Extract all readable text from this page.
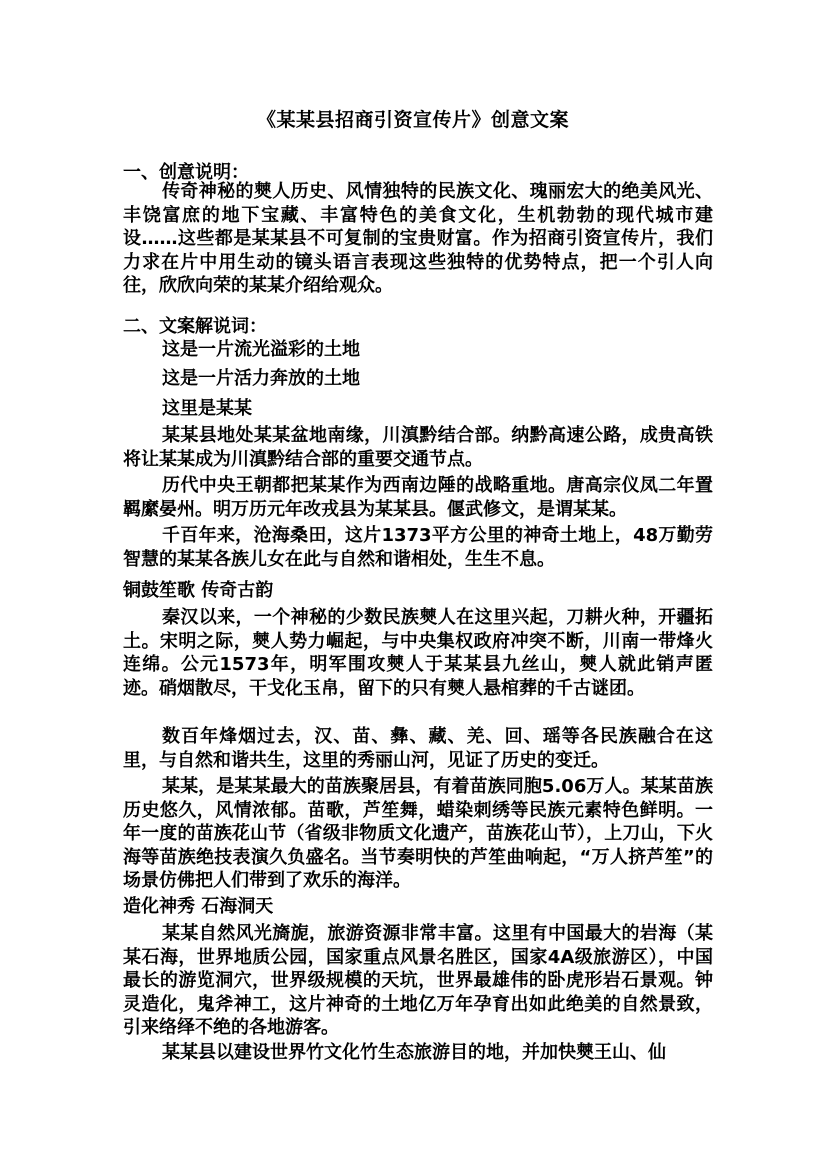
《某某县招商引资宣传片》创意文案
一、创意说明：
传奇神秘的僰人历史、风情独特的民族文化、瑰丽宏大的绝美风光、丰饶富庶的地下宝藏、丰富特色的美食文化，生机勃勃的现代城市建设……这些都是某某县不可复制的宝贵财富。作为招商引资宣传片，我们力求在片中用生动的镜头语言表现这些独特的优势特点，把一个引人向往，欣欣向荣的某某介绍给观众。
二、文案解说词：
这是一片流光溢彩的土地
这是一片活力奔放的土地
这里是某某
某某县地处某某盆地南缘，川滇黔结合部。纳黔高速公路，成贵高铁将让某某成为川滇黔结合部的重要交通节点。
历代中央王朝都把某某作为西南边陲的战略重地。唐高宗仪凤二年置羁縻晏州。明万历元年改戎县为某某县。偃武修文，是谓某某。
千百年来，沧海桑田，这片1373平方公里的神奇土地上，48万勤劳智慧的某某各族儿女在此与自然和谐相处，生生不息。
铜鼓笙歌 传奇古韵
秦汉以来，一个神秘的少数民族僰人在这里兴起，刀耕火种，开疆拓土。宋明之际，僰人势力崛起，与中央集权政府冲突不断，川南一带烽火连绵。公元1573年，明军围攻僰人于某某县九丝山，僰人就此销声匿迹。硝烟散尽，干戈化玉帛，留下的只有僰人悬棺葬的千古谜团。
数百年烽烟过去，汉、苗、彝、藏、羌、回、瑶等各民族融合在这里，与自然和谐共生，这里的秀丽山河，见证了历史的变迁。
某某，是某某最大的苗族聚居县，有着苗族同胞5.06万人。某某苗族历史悠久，风情浓郁。苗歌，芦笙舞，蜡染刺绣等民族元素特色鲜明。一年一度的苗族花山节（省级非物质文化遗产，苗族花山节），上刀山，下火海等苗族绝技表演久负盛名。当节奏明快的芦笙曲响起，“万人挤芦笙”的场景仿佛把人们带到了欢乐的海洋。
造化神秀 石海洞天
某某自然风光旖旎，旅游资源非常丰富。这里有中国最大的岩海（某某石海，世界地质公园，国家重点风景名胜区，国家4A级旅游区），中国最长的游览洞穴，世界级规模的天坑，世界最雄伟的卧虎形岩石景观。钟灵造化，鬼斧神工，这片神奇的土地亿万年孕育出如此绝美的自然景致，引来络绎不绝的各地游客。
某某县以建设世界竹文化竹生态旅游目的地，并加快僰王山、仙
